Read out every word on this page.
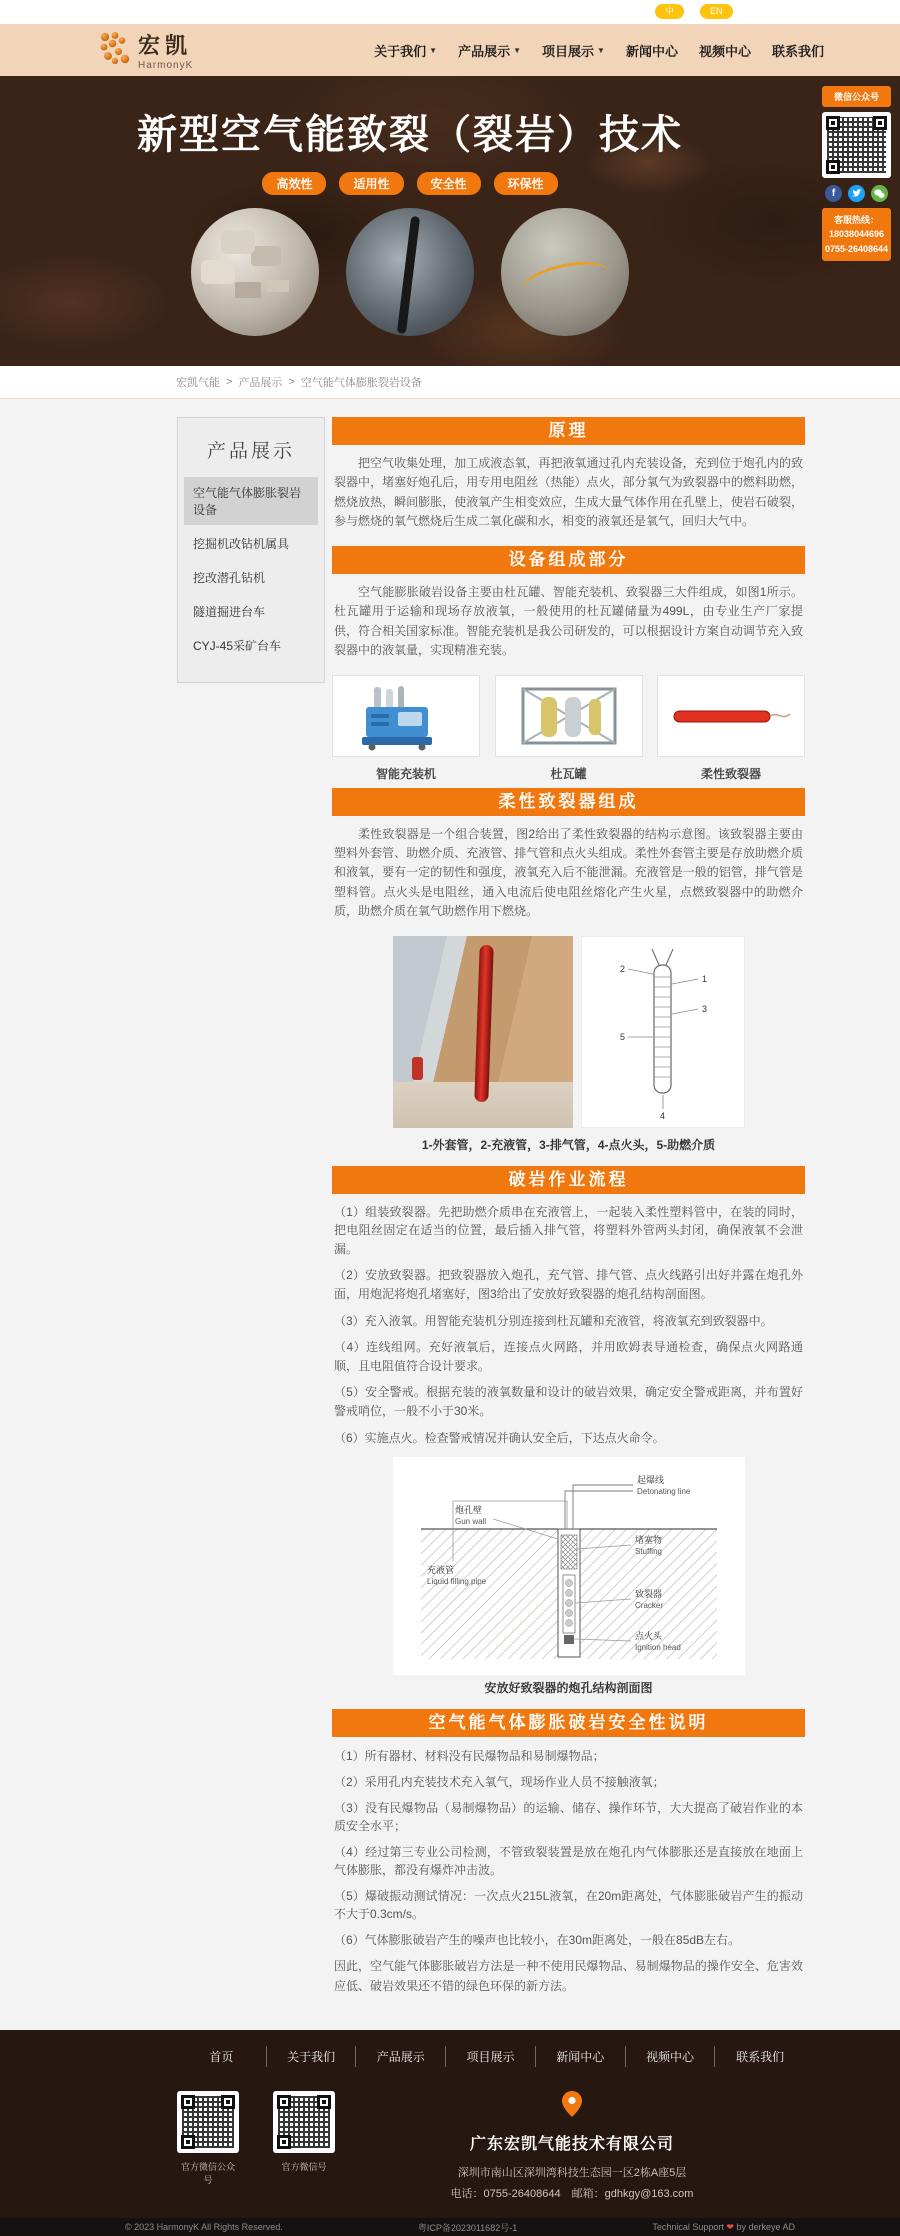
中	EN
宏凯
HarmonyK
关于我们 ▼ 产品展示 ▼ 项目展示 ▼ 新闻中心 视频中心 联系我们
新型空气能致裂（裂岩）技术
高效性	适用性	安全性	环保性
微信公众号
f
客服热线：
18038044696
0755-26408644
宏凯气能 > 产品展示 > 空气能气体膨胀裂岩设备
产品展示
空气能气体膨胀裂岩设备
挖掘机改钻机属具
挖改潜孔钻机
隧道掘进台车
CYJ-45采矿台车
原理

把空气收集处理，加工成液态氧，再把液氧通过孔内充装设备，充到位于炮孔内的致裂器中，堵塞好炮孔后，用专用电阻丝（热能）点火，部分氧气为致裂器中的燃料助燃，燃烧放热，瞬间膨胀，使液氧产生相变效应，生成大量气体作用在孔壁上，使岩石破裂，参与燃烧的氧气燃烧后生成二氧化碳和水，相变的液氧还是氧气，回归大气中。

设备组成部分

空气能膨胀破岩设备主要由杜瓦罐、智能充装机、致裂器三大件组成，如图1所示。杜瓦罐用于运输和现场存放液氧，一般使用的杜瓦罐储量为499L，由专业生产厂家提供，符合相关国家标准。智能充装机是我公司研发的，可以根据设计方案自动调节充入致裂器中的液氧量，实现精准充装。

智能充装机	杜瓦罐	柔性致裂器
柔性致裂器组成

柔性致裂器是一个组合装置，图2给出了柔性致裂器的结构示意图。该致裂器主要由塑料外套管、助燃介质、充液管、排气管和点火头组成。柔性外套管主要是存放助燃介质和液氧，要有一定的韧性和强度，液氧充入后不能泄漏。充液管是一般的铝管，排气管是塑料管。点火头是电阻丝，通入电流后使电阻丝熔化产生火星，点燃致裂器中的助燃介质，助燃介质在氧气助燃作用下燃烧。

1
2
3
4
5
1-外套管，2-充液管，3-排气管，4-点火头，5-助燃介质
破岩作业流程

（1）组装致裂器。先把助燃介质串在充液管上，一起装入柔性塑料管中，在装的同时，把电阻丝固定在适当的位置，最后插入排气管，将塑料外管两头封闭，确保液氧不会泄漏。

（2）安放致裂器。把致裂器放入炮孔，充气管、排气管、点火线路引出好并露在炮孔外面，用炮泥将炮孔堵塞好，图3给出了安放好致裂器的炮孔结构剖面图。

（3）充入液氧。用智能充装机分别连接到杜瓦罐和充液管，将液氧充到致裂器中。

（4）连线组网。充好液氧后，连接点火网路，并用欧姆表导通检查，确保点火网路通顺，且电阻值符合设计要求。

（5）安全警戒。根据充装的液氧数量和设计的破岩效果，确定安全警戒距离，并布置好警戒哨位，一般不小于30米。

（6）实施点火。检查警戒情况并确认安全后，下达点火命令。

起爆线
Detonating line
炮孔壁
Gun wall
堵塞物
Stuffing
充液管
Liquid filling pipe
致裂器
Cracker
点火头
Ignition head
安放好致裂器的炮孔结构剖面图
空气能气体膨胀破岩安全性说明

（1）所有器材、材料没有民爆物品和易制爆物品；

（2）采用孔内充装技术充入氧气，现场作业人员不接触液氧；

（3）没有民爆物品（易制爆物品）的运输、储存、操作环节，大大提高了破岩作业的本质安全水平；

（4）经过第三专业公司检测，不管致裂装置是放在炮孔内气体膨胀还是直接放在地面上气体膨胀，都没有爆炸冲击波。

（5）爆破振动测试情况：一次点火215L液氧，在20m距离处，气体膨胀破岩产生的振动不大于0.3cm/s。

（6）气体膨胀破岩产生的噪声也比较小，在30m距离处，一般在85dB左右。

因此，空气能气体膨胀破岩方法是一种不使用民爆物品、易制爆物品的操作安全、危害效应低、破岩效果还不错的绿色环保的新方法。

首页	关于我们	产品展示	项目展示	新闻中心	视频中心	联系我们
官方微信公众号
官方微信号
广东宏凯气能技术有限公司
深圳市南山区深圳湾科技生态园一区2栋A座5层
电话：0755-26408644　邮箱：gdhkgy@163.com
© 2023 HarmonyK All Rights Reserved.	粤ICP备2023011682号-1	Technical Support ❤ by derkeye AD
